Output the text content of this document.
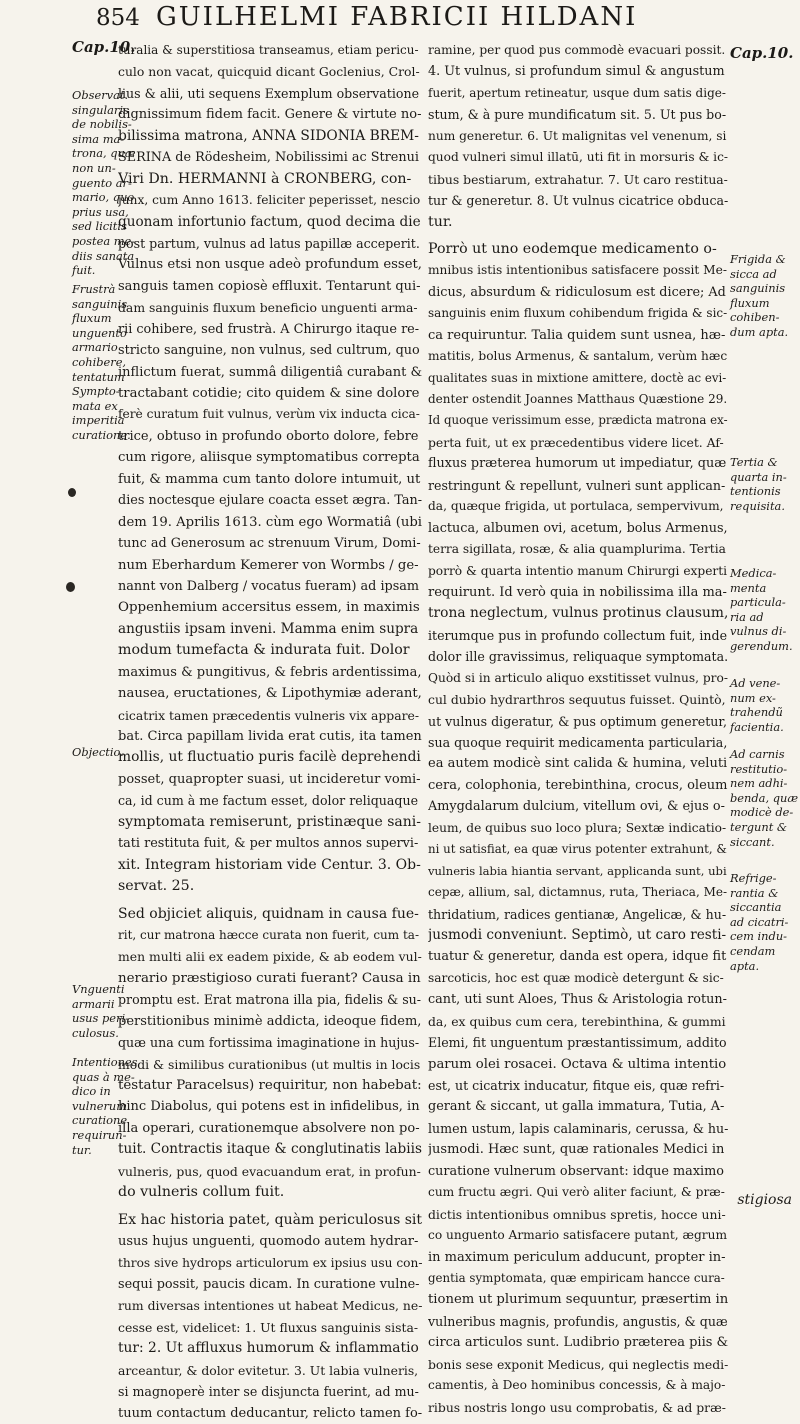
854 GUILHELMI FABRICII HILDANI
turalia & superstitiosa transeamus, etiam pericu-
culo non vacat, quicquid dicant Goclenius, Crol-
lius & alii, uti sequens Exemplum observatione
dignissimum fidem facit. Genere & virtute no-
bilissima matrona, ANNA SIDONIA BREM-
SERINA de Rödesheim, Nobilissimi ac Strenui
Viri Dn. HERMANNI à CRONBERG, con-
junx, cum Anno 1613. feliciter peperisset, nescio
quonam infortunio factum, quod decima die
post partum, vulnus ad latus papillæ acceperit.
Vulnus etsi non usque adeò profundum esset,
sanguis tamen copiosè effluxit. Tentarunt qui-
dam sanguinis fluxum beneficio unguenti arma-
rii cohibere, sed frustrà. A Chirurgo itaque re-
stricto sanguine, non vulnus, sed cultrum, quo
inflictum fuerat, summâ diligentiâ curabant &
tractabant cotidie; cito quidem & sine dolore
ferè curatum fuit vulnus, verùm vix inducta cica-
trice, obtuso in profundo oborto dolore, febre
cum rigore, aliisque symptomatibus correpta
fuit, & mamma cum tanto dolore intumuit, ut
dies noctesque ejulare coacta esset ægra. Tan-
dem 19. Aprilis 1613. cùm ego Wormatiâ (ubi
tunc ad Generosum ac strenuum Virum, Domi-
num Eberhardum Kemerer von Wormbs / ge-
nannt von Dalberg / vocatus fueram) ad ipsam
Oppenhemium accersitus essem, in maximis
angustiis ipsam inveni. Mamma enim supra
modum tumefacta & indurata fuit. Dolor
maximus & pungitivus, & febris ardentissima,
nausea, eructationes, & Lipothymiæ aderant,
cicatrix tamen præcedentis vulneris vix appare-
bat. Circa papillam livida erat cutis, ita tamen
mollis, ut fluctuatio puris facilè deprehendi
posset, quapropter suasi, ut incideretur vomi-
ca, id cum à me factum esset, dolor reliquaque
symptomata remiserunt, pristinæque sani-
tati restituta fuit, & per multos annos supervi-
xit. Integram historiam vide Centur. 3. Ob-
servat. 25.
Sed objiciet aliquis, quidnam in causa fue-
rit, cur matrona hæcce curata non fuerit, cum ta-
men multi alii ex eadem pixide, & ab eodem vul-
nerario præstigioso curati fuerant? Causa in
promptu est. Erat matrona illa pia, fidelis & su-
perstitionibus minimè addicta, ideoque fidem,
quæ una cum fortissima imaginatione in hujus-
modi & similibus curationibus (ut multis in locis
testatur Paracelsus) requiritur, non habebat:
hinc Diabolus, qui potens est in infidelibus, in
illa operari, curationemque absolvere non po-
tuit. Contractis itaque & conglutinatis labiis
vulneris, pus, quod evacuandum erat, in profun-
do vulneris collum fuit.
Ex hac historia patet, quàm periculosus sit
usus hujus unguenti, quomodo autem hydrar-
thros sive hydrops articulorum ex ipsius usu con-
sequi possit, paucis dicam. In curatione vulne-
rum diversas intentiones ut habeat Medicus, ne-
cesse est, videlicet: 1. Ut fluxus sanguinis sista-
tur: 2. Ut affluxus humorum & inflammatio
arceantur, & dolor evitetur. 3. Ut labia vulneris,
si magnoperè inter se disjuncta fuerint, ad mu-
tuum contactum deducantur, relicto tamen fo-
ramine, per quod pus commodè evacuari possit.
4. Ut vulnus, si profundum simul & angustum
fuerit, apertum retineatur, usque dum satis dige-
stum, & à pure mundificatum sit. 5. Ut pus bo-
num generetur. 6. Ut malignitas vel venenum, si
quod vulneri simul illatū, uti fit in morsuris & ic-
tibus bestiarum, extrahatur. 7. Ut caro restitua-
tur & generetur. 8. Ut vulnus cicatrice obduca-
tur.
Porrò ut uno eodemque medicamento o-
mnibus istis intentionibus satisfacere possit Me-
dicus, absurdum & ridiculosum est dicere; Ad
sanguinis enim fluxum cohibendum frigida & sic-
ca requiruntur. Talia quidem sunt usnea, hæ-
matitis, bolus Armenus, & santalum, verùm hæc
qualitates suas in mixtione amittere, doctè ac evi-
denter ostendit Joannes Matthaus Quæstione 29.
Id quoque verissimum esse, prædicta matrona ex-
perta fuit, ut ex præcedentibus videre licet. Af-
fluxus præterea humorum ut impediatur, quæ
restringunt & repellunt, vulneri sunt applican-
da, quæque frigida, ut portulaca, sempervivum,
lactuca, albumen ovi, acetum, bolus Armenus,
terra sigillata, rosæ, & alia quamplurima. Tertia
porrò & quarta intentio manum Chirurgi experti
requirunt. Id verò quia in nobilissima illa ma-
trona neglectum, vulnus protinus clausum,
iterumque pus in profundo collectum fuit, inde
dolor ille gravissimus, reliquaque symptomata.
Quòd si in articulo aliquo exstitisset vulnus, pro-
cul dubio hydrarthros sequutus fuisset. Quintò,
ut vulnus digeratur, & pus optimum generetur,
sua quoque requirit medicamenta particularia,
ea autem modicè sint calida & humina, veluti
cera, colophonia, terebinthina, crocus, oleum
Amygdalarum dulcium, vitellum ovi, & ejus o-
leum, de quibus suo loco plura; Sextæ indicatio-
ni ut satisfiat, ea quæ virus potenter extrahunt, &
vulneris labia hiantia servant, applicanda sunt, ubi
cepæ, allium, sal, dictamnus, ruta, Theriaca, Me-
thridatium, radices gentianæ, Angelicæ, & hu-
jusmodi conveniunt. Septimò, ut caro resti-
tuatur & generetur, danda est opera, idque fit
sarcoticis, hoc est quæ modicè detergunt & sic-
cant, uti sunt Aloes, Thus & Aristologia rotun-
da, ex quibus cum cera, terebinthina, & gummi
Elemi, fit unguentum præstantissimum, addito
parum olei rosacei. Octava & ultima intentio
est, ut cicatrix inducatur, fitque eis, quæ refri-
gerant & siccant, ut galla immatura, Tutia, A-
lumen ustum, lapis calaminaris, cerussa, & hu-
jusmodi. Hæc sunt, quæ rationales Medici in
curatione vulnerum observant: idque maximo
cum fructu ægri. Qui verò aliter faciunt, & præ-
dictis intentionibus omnibus spretis, hocce uni-
co unguento Armario satisfacere putant, ægrum
in maximum periculum adducunt, propter in-
gentia symptomata, quæ empiricam hancce cura-
tionem ut plurimum sequuntur, præsertim in
vulneribus magnis, profundis, angustis, & quæ
circa articulos sunt. Ludibrio præterea piis &
bonis sese exponit Medicus, qui neglectis medi-
camentis, à Deo hominibus concessis, & à majo-
ribus nostris longo usu comprobatis, & ad præ-
Cap.10.
Observat.
singularis
de nobilis-
sima ma-
trona, quæ
non un-
guento ar-
mario, quo
prius usa,
sed licitis
postea me-
diis sanata
fuit.
Frustrà
sanguinis
fluxum
unguento
armario
cohibere,
tentatum
Sympto-
mata ex
imperitia
curatione.
Objectio.
Vnguenti
armarii
usus peri-
culosus.
Intentiones
quas à me-
dico in
vulnerum
curatione
requirun-
tur.
Cap.10.
Frigida &
sicca ad
sanguinis
fluxum
cohiben-
dum apta.
Tertia &
quarta in-
tentionis
requisita.
Medica-
menta
particula-
ria ad
vulnus di-
gerendum.
Ad vene-
num ex-
trahendũ
facientia.
Ad carnis
restitutio-
nem adhi-
benda, quæ
modicè de-
tergunt &
siccant.
Refrige-
rantia &
siccantia
ad cicatri-
cem indu-
cendam
apta.
stigiosa
